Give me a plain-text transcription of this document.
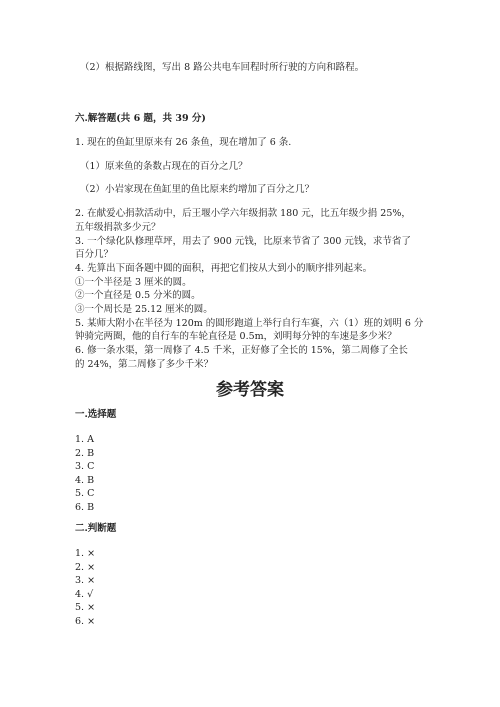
（2）根据路线图，写出 8 路公共电车回程时所行驶的方向和路程。
六.解答题(共 6 题，共 39 分)
1. 现在的鱼缸里原来有 26 条鱼，现在增加了 6 条.
（1）原来鱼的条数占现在的百分之几？
（2）小岩家现在鱼缸里的鱼比原来约增加了百分之几？
2. 在献爱心捐款活动中，后王堰小学六年级捐款 180 元，比五年级少捐 25%，
五年级捐款多少元？
3. 一个绿化队修理草坪，用去了 900 元钱，比原来节省了 300 元钱，求节省了
百分几？
4. 先算出下面各题中圆的面积，再把它们按从大到小的顺序排列起来。
①一个半径是 3 厘米的圆。
②一个直径是 0.5 分米的圆。
③一个周长是 25.12 厘米的圆。
5. 某师大附小在半径为 120m 的圆形跑道上举行自行车赛，六（1）班的刘明 6 分
钟骑完两圈，他的自行车的车轮直径是 0.5m，刘明每分钟的车速是多少米？
6. 修一条水渠，第一周修了 4.5 千米，正好修了全长的 15%，第二周修了全长
的 24%，第二周修了多少千米？
参考答案
一.选择题
1. A
2. B
3. C
4. B
5. C
6. B
二.判断题
1. ×
2. ×
3. ×
4. √
5. ×
6. ×
